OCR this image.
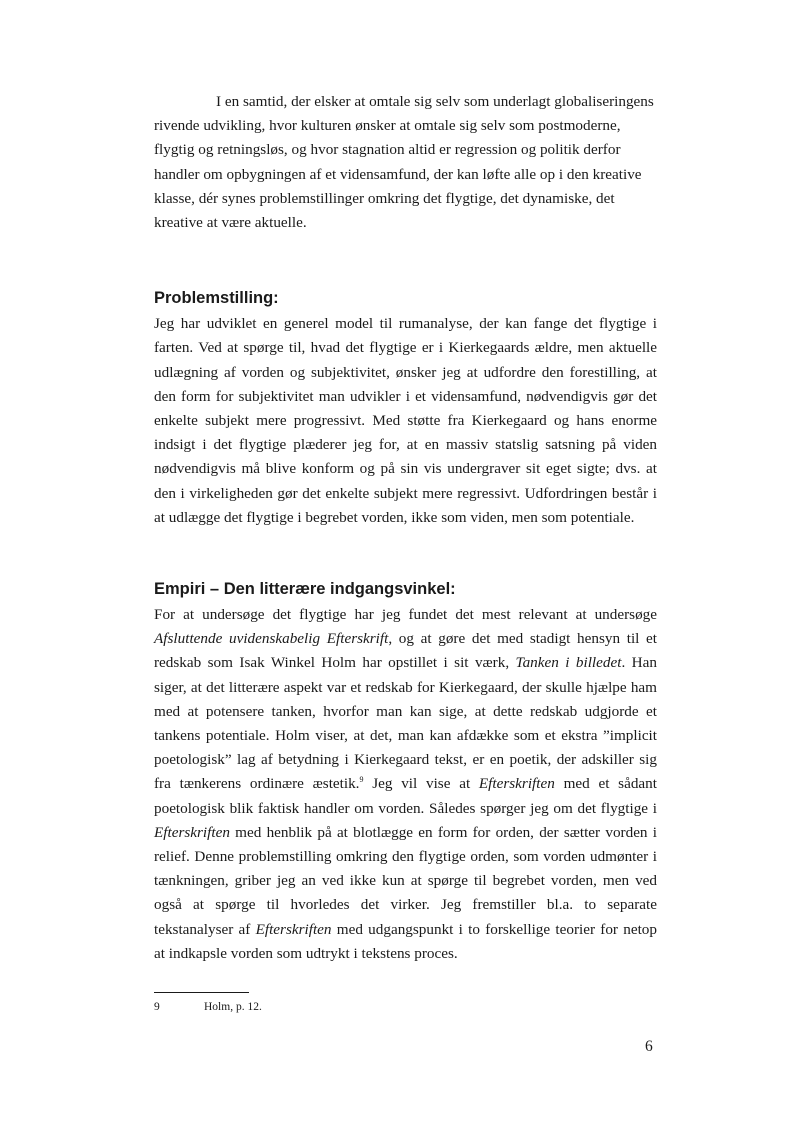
I en samtid, der elsker at omtale sig selv som underlagt globaliseringens rivende udvikling, hvor kulturen ønsker at omtale sig selv som postmoderne, flygtig og retningsløs, og hvor stagnation altid er regression og politik derfor handler om opbygningen af et vidensamfund, der kan løfte alle op i den kreative klasse, dér synes problemstillinger omkring det flygtige, det dynamiske, det kreative at være aktuelle.

Problemstilling:

Jeg har udviklet en generel model til rumanalyse, der kan fange det flygtige i farten. Ved at spørge til, hvad det flygtige er i Kierkegaards ældre, men aktuelle udlægning af vorden og subjektivitet, ønsker jeg at udfordre den forestilling, at den form for subjektivitet man udvikler i et vidensamfund, nødvendigvis gør det enkelte subjekt mere progressivt. Med støtte fra Kierkegaard og hans enorme indsigt i det flygtige plæderer jeg for, at en massiv statslig satsning på viden nødvendigvis må blive konform og på sin vis undergraver sit eget sigte; dvs. at den i virkeligheden gør det enkelte subjekt mere regressivt. Udfordringen består i at udlægge det flygtige i begrebet vorden, ikke som viden, men som potentiale.

Empiri – Den litterære indgangsvinkel:

For at undersøge det flygtige har jeg fundet det mest relevant at undersøge Afsluttende uvidenskabelig Efterskrift, og at gøre det med stadigt hensyn til et redskab som Isak Winkel Holm har opstillet i sit værk, Tanken i billedet. Han siger, at det litterære aspekt var et redskab for Kierkegaard, der skulle hjælpe ham med at potensere tanken, hvorfor man kan sige, at dette redskab udgjorde et tankens potentiale. Holm viser, at det, man kan afdække som et ekstra ”implicit poetologisk” lag af betydning i Kierkegaard tekst, er en poetik, der adskiller sig fra tænkerens ordinære æstetik.$^9$ Jeg vil vise at Efterskriften med et sådant poetologisk blik faktisk handler om vorden. Således spørger jeg om det flygtige i Efterskriften med henblik på at blotlægge en form for orden, der sætter vorden i relief. Denne problemstilling omkring den flygtige orden, som vorden udmønter i tænkningen, griber jeg an ved ikke kun at spørge til begrebet vorden, men ved også at spørge til hvorledes det virker. Jeg fremstiller bl.a. to separate tekstanalyser af Efterskriften med udgangspunkt i to forskellige teorier for netop at indkapsle vorden som udtrykt i tekstens proces.

9	Holm, p. 12.
6
